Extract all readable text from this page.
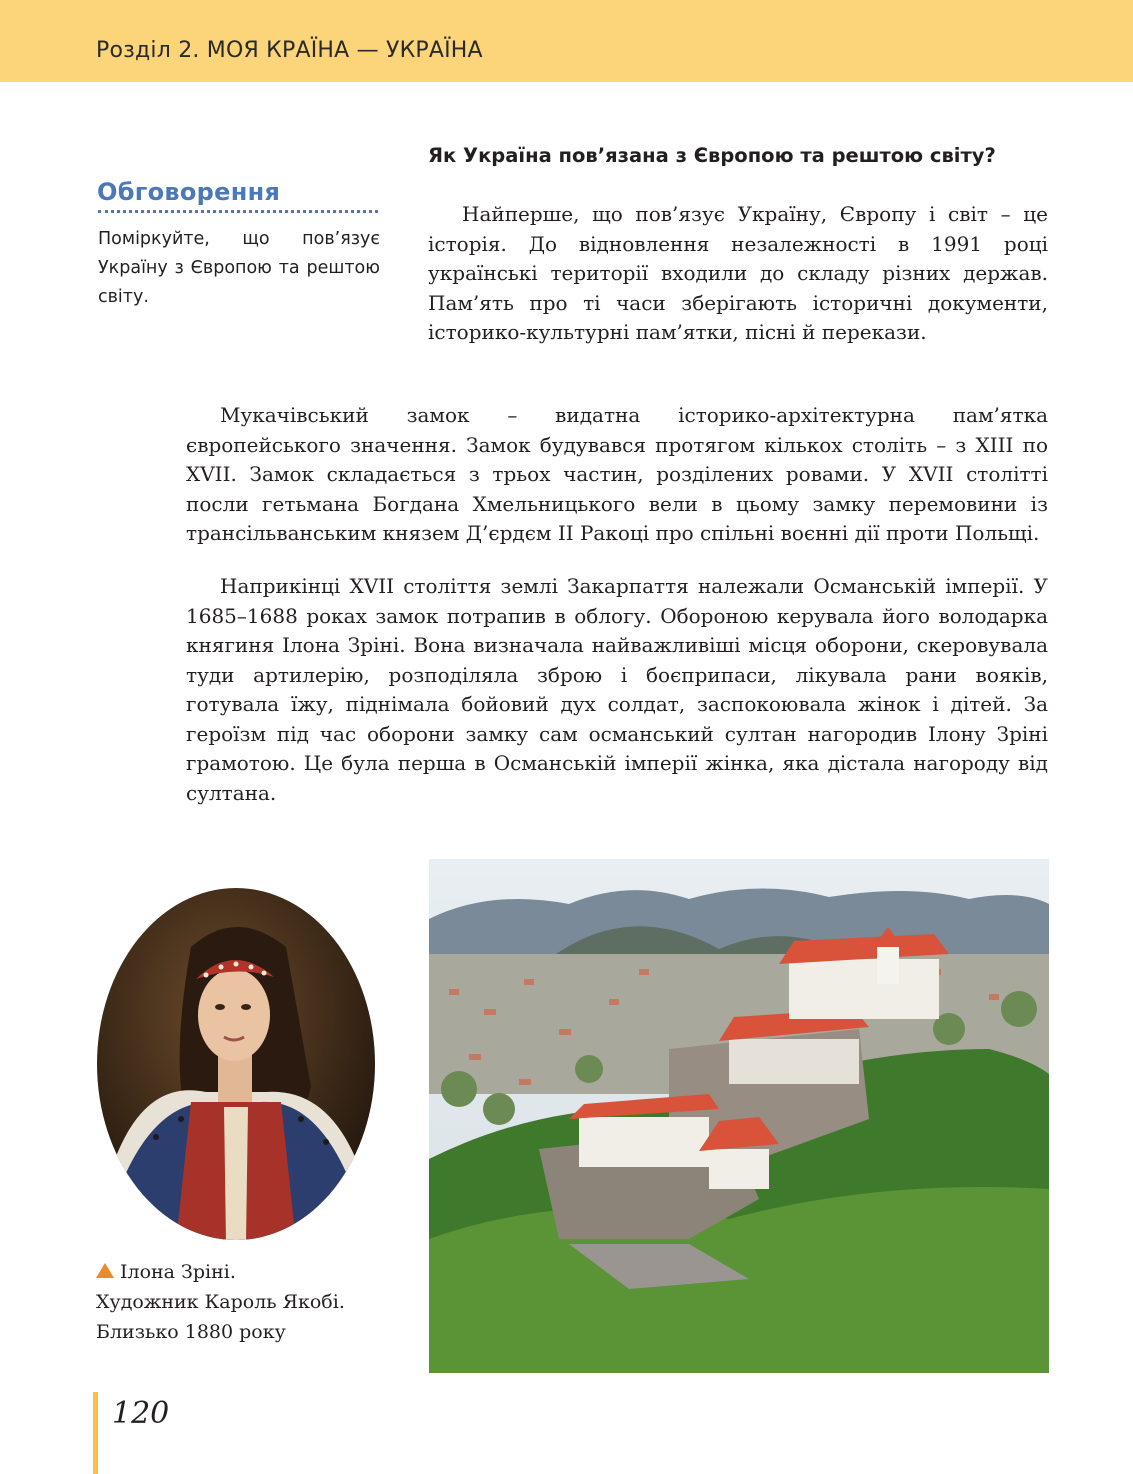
Розділ 2. МОЯ КРАЇНА — УКРАЇНА
Обговорення
Поміркуйте, що пов’язує Україну з Європою та рештою світу.
Як Україна пов’язана з Європою та рештою світу?

Найперше, що пов’язує Україну, Європу і світ – це історія. До відновлення незалежності в 1991 році українські території входили до складу різних держав. Пам’ять про ті часи зберігають історичні документи, історико-культурні пам’ятки, пісні й перекази.

Мукачівський замок – видатна історико-архітектурна пам’ятка європейського значення. Замок будувався протягом кількох століть – з XIII по XVII. Замок складається з трьох частин, розділених ровами. У XVII столітті посли гетьмана Богдана Хмельницького вели в цьому замку перемовини із трансільванським князем Д’єрдєм II Ракоці про спільні воєнні дії проти Польщі.

Наприкінці XVII століття землі Закарпаття належали Османській імперії. У 1685–1688 роках замок потрапив в облогу. Обороною керувала його володарка княгиня Ілона Зріні. Вона визначала найважливіші місця оборони, скеровувала туди артилерію, розподіляла зброю і боєприпаси, лікувала рани вояків, готувала їжу, піднімала бойовий дух солдат, заспокоювала жінок і дітей. За героїзм під час оборони замку сам османський султан нагородив Ілону Зріні грамотою. Це була перша в Османській імперії жінка, яка дістала нагороду від султана.

Ілона Зріні.
Художник Кароль Якобі.
Близько 1880 року
120
